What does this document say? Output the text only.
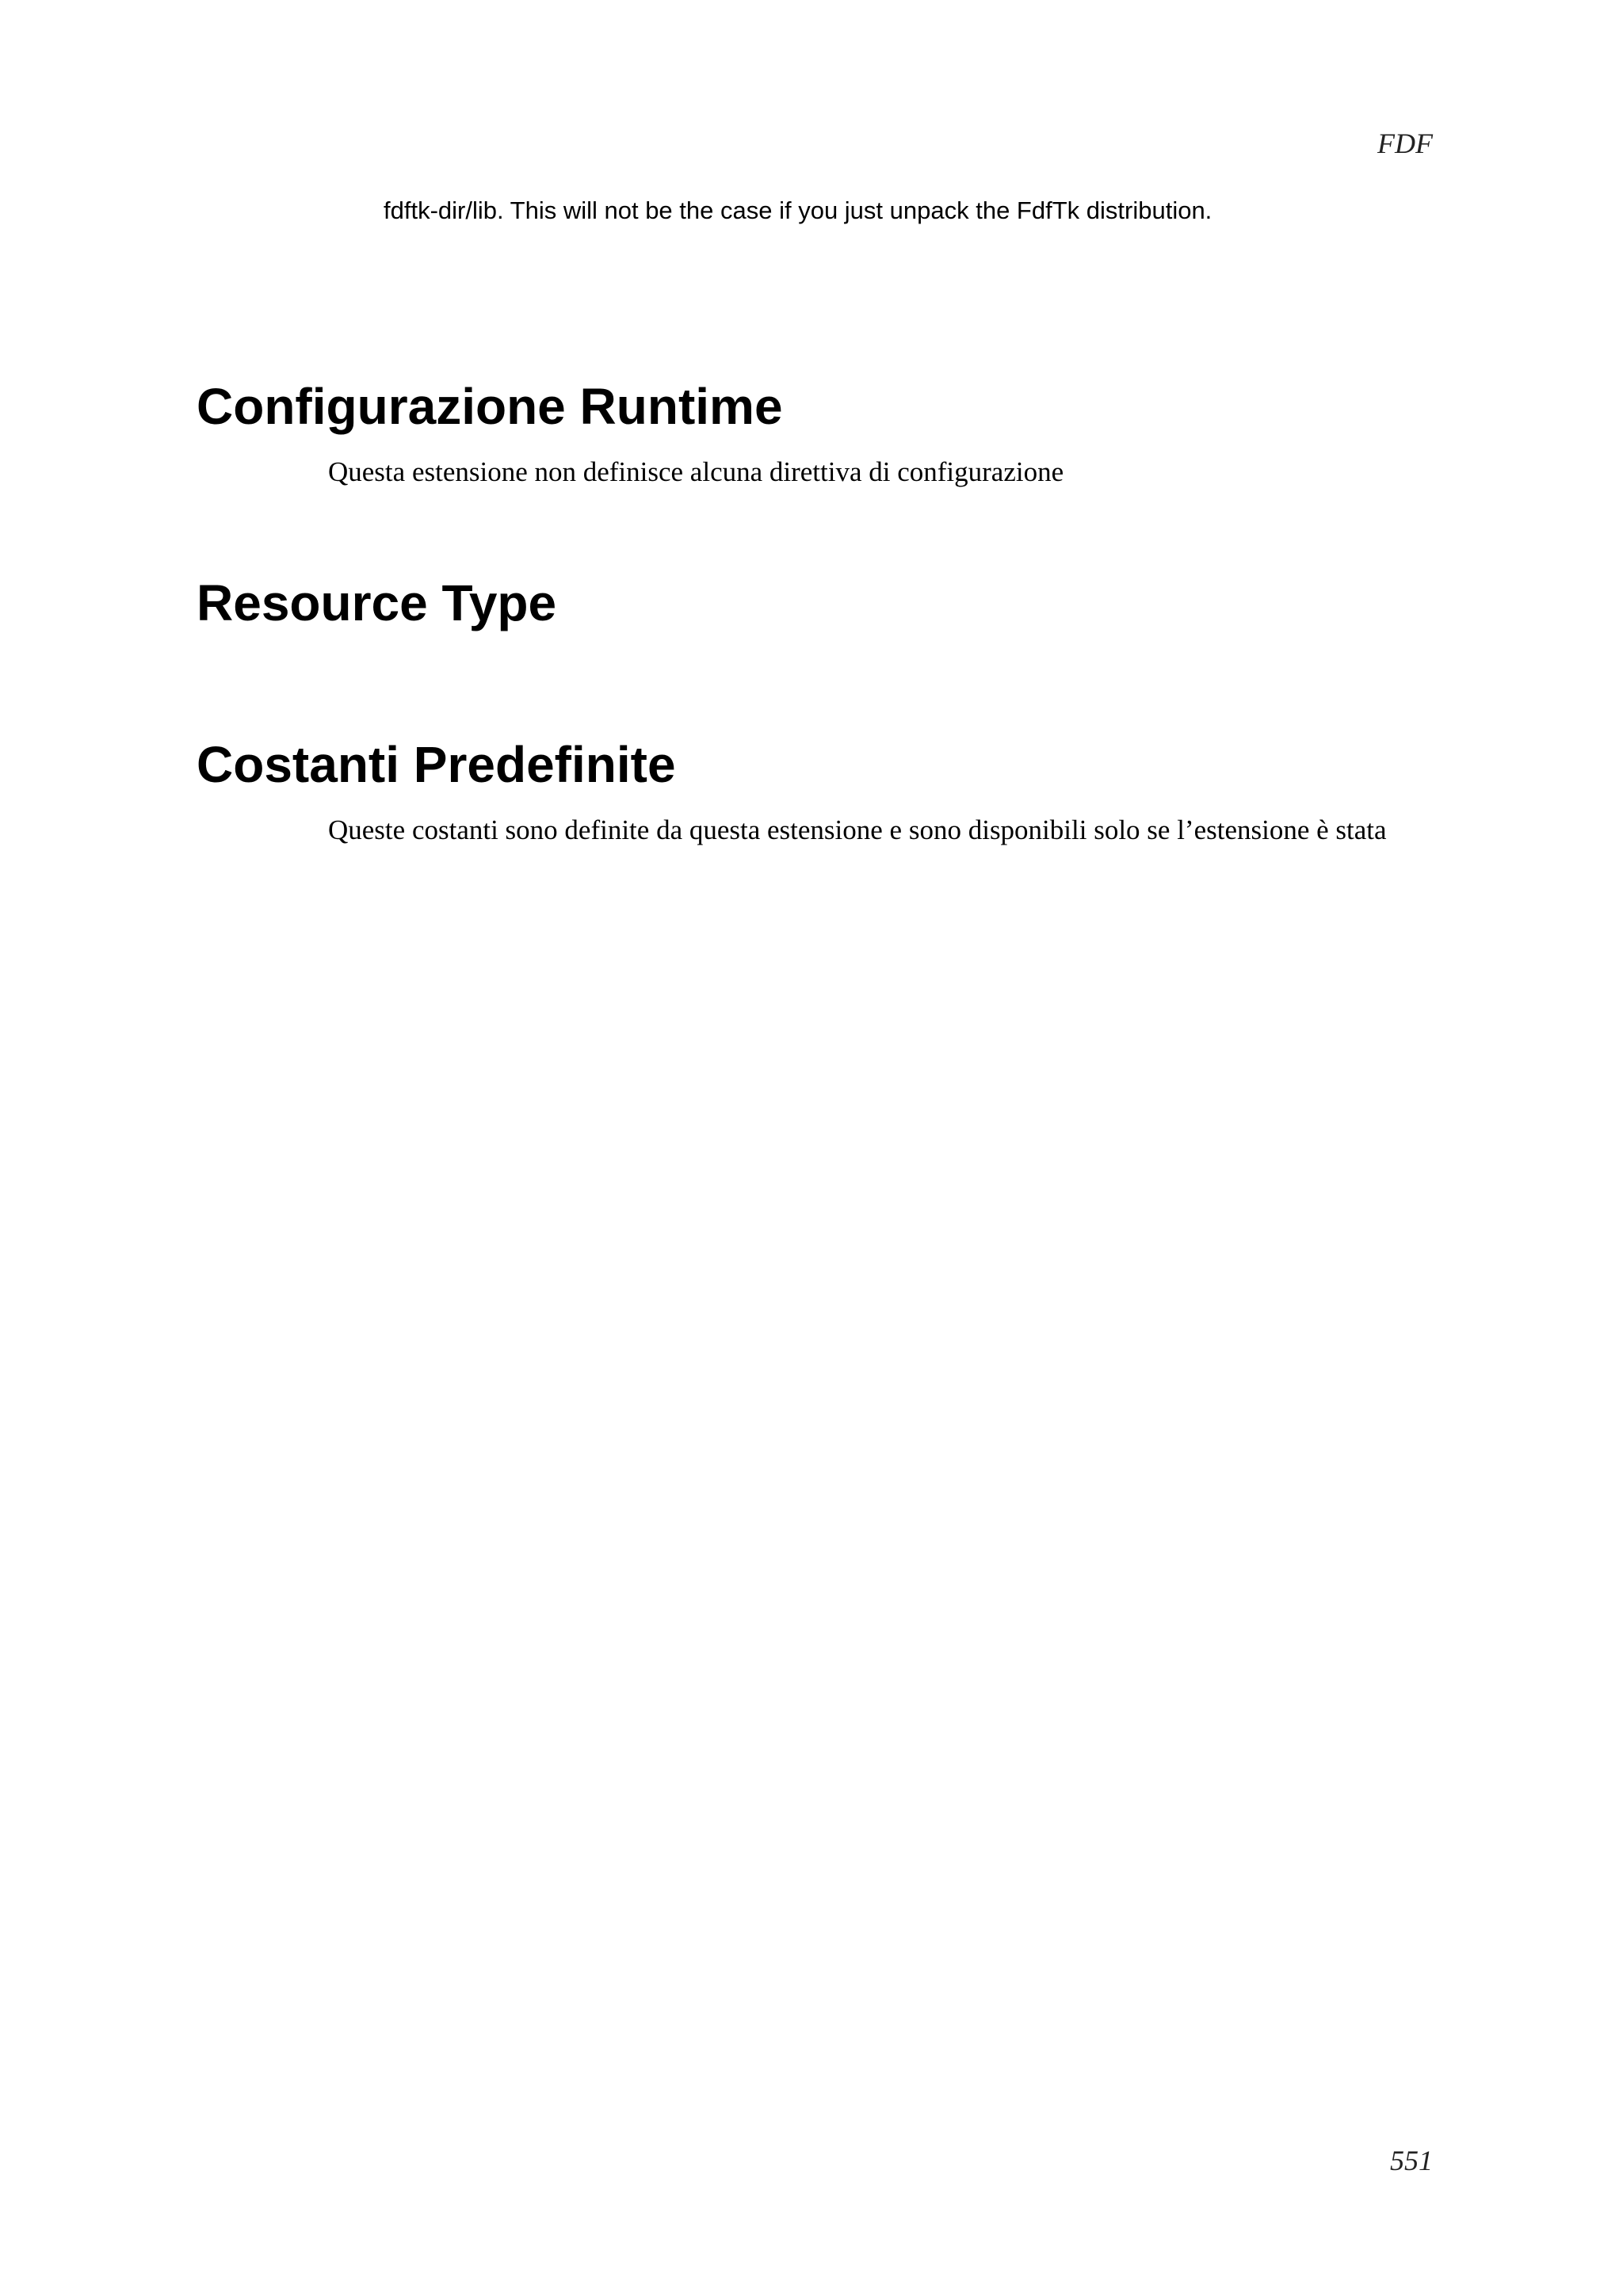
FDF
fdftk-dir/lib. This will not be the case if you just unpack the FdfTk distribution.
Configurazione Runtime

Questa estensione non definisce alcuna direttiva di configurazione

Resource Type
Costanti Predefinite

Queste costanti sono definite da questa estensione e sono disponibili solo se l’estensione è stata

551
